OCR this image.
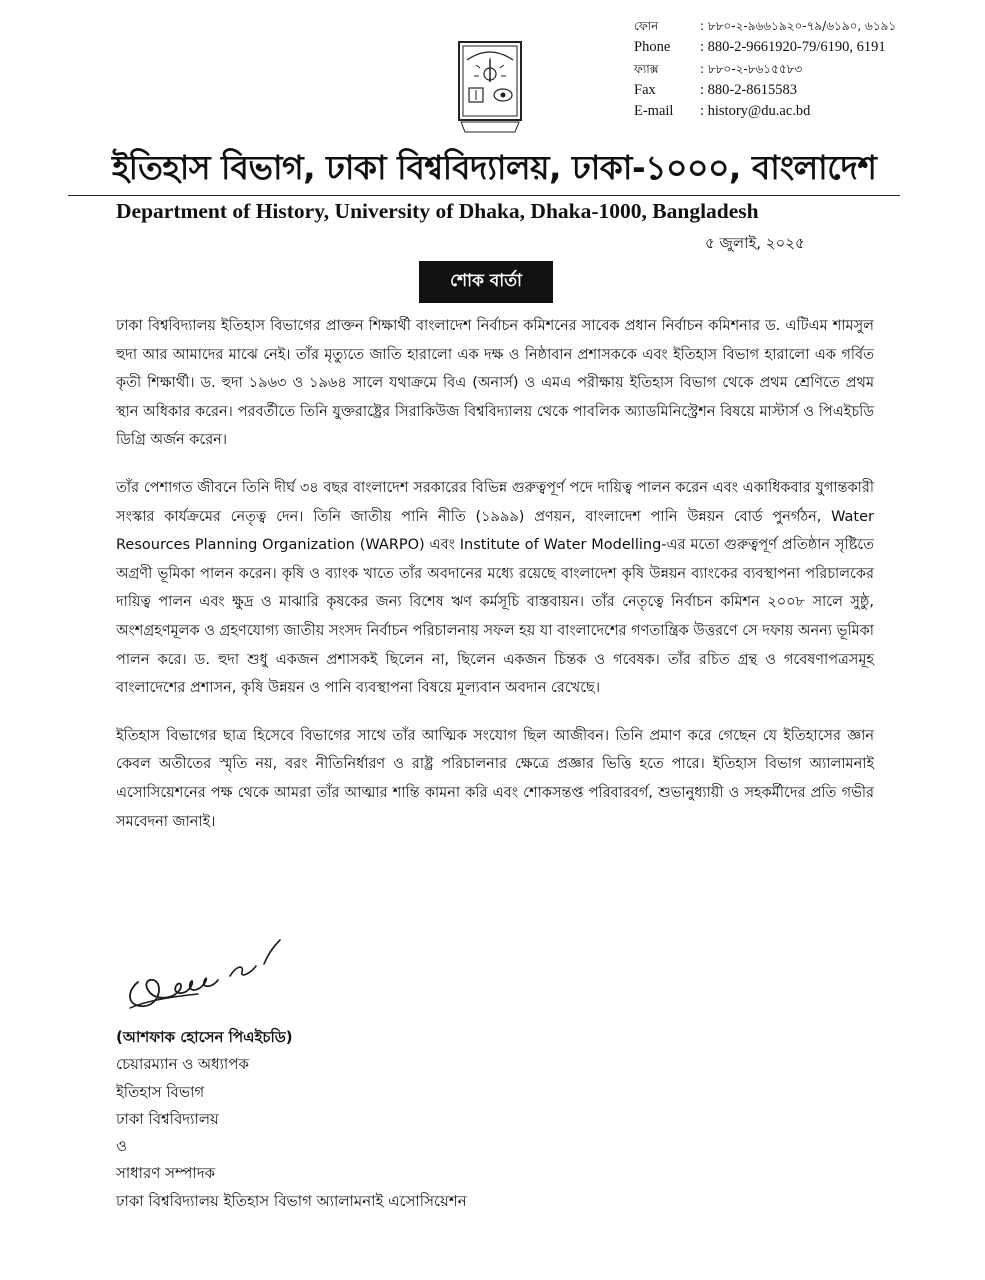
ফোন	: ৮৮০-২-৯৬৬১৯২০-৭৯/৬১৯০, ৬১৯১
Phone	: 880-2-9661920-79/6190, 6191
ফ্যাক্স	: ৮৮০-২-৮৬১৫৫৮৩
Fax	: 880-2-8615583
E-mail	: history@du.ac.bd
ইতিহাস বিভাগ, ঢাকা বিশ্ববিদ্যালয়, ঢাকা-১০০০, বাংলাদেশ
Department of History, University of Dhaka, Dhaka-1000, Bangladesh
৫ জুলাই, ২০২৫
শোক বার্তা

ঢাকা বিশ্ববিদ্যালয় ইতিহাস বিভাগের প্রাক্তন শিক্ষার্থী বাংলাদেশ নির্বাচন কমিশনের সাবেক প্রধান নির্বাচন কমিশনার ড. এটিএম শামসুল হুদা আর আমাদের মাঝে নেই। তাঁর মৃত্যুতে জাতি হারালো এক দক্ষ ও নিষ্ঠাবান প্রশাসককে এবং ইতিহাস বিভাগ হারালো এক গর্বিত কৃতী শিক্ষার্থী। ড. হুদা ১৯৬৩ ও ১৯৬৪ সালে যথাক্রমে বিএ (অনার্স) ও এমএ পরীক্ষায় ইতিহাস বিভাগ থেকে প্রথম শ্রেণিতে প্রথম স্থান অধিকার করেন। পরবর্তীতে তিনি যুক্তরাষ্ট্রের সিরাকিউজ বিশ্ববিদ্যালয় থেকে পাবলিক অ্যাডমিনিস্ট্রেশন বিষয়ে মাস্টার্স ও পিএইচডি ডিগ্রি অর্জন করেন।

তাঁর পেশাগত জীবনে তিনি দীর্ঘ ৩৪ বছর বাংলাদেশ সরকারের বিভিন্ন গুরুত্বপূর্ণ পদে দায়িত্ব পালন করেন এবং একাধিকবার যুগান্তকারী সংস্কার কার্যক্রমের নেতৃত্ব দেন। তিনি জাতীয় পানি নীতি (১৯৯৯) প্রণয়ন, বাংলাদেশ পানি উন্নয়ন বোর্ড পুনর্গঠন, Water Resources Planning Organization (WARPO) এবং Institute of Water Modelling-এর মতো গুরুত্বপূর্ণ প্রতিষ্ঠান সৃষ্টিতে অগ্রণী ভূমিকা পালন করেন। কৃষি ও ব্যাংক খাতে তাঁর অবদানের মধ্যে রয়েছে বাংলাদেশ কৃষি উন্নয়ন ব্যাংকের ব্যবস্থাপনা পরিচালকের দায়িত্ব পালন এবং ক্ষুদ্র ও মাঝারি কৃষকের জন্য বিশেষ ঋণ কর্মসূচি বাস্তবায়ন। তাঁর নেতৃত্বে নির্বাচন কমিশন ২০০৮ সালে সুষ্ঠু, অংশগ্রহণমূলক ও গ্রহণযোগ্য জাতীয় সংসদ নির্বাচন পরিচালনায় সফল হয় যা বাংলাদেশের গণতান্ত্রিক উত্তরণে সে দফায় অনন্য ভূমিকা পালন করে। ড. হুদা শুধু একজন প্রশাসকই ছিলেন না, ছিলেন একজন চিন্তক ও গবেষক। তাঁর রচিত গ্রন্থ ও গবেষণাপত্রসমূহ বাংলাদেশের প্রশাসন, কৃষি উন্নয়ন ও পানি ব্যবস্থাপনা বিষয়ে মূল্যবান অবদান রেখেছে।

ইতিহাস বিভাগের ছাত্র হিসেবে বিভাগের সাথে তাঁর আত্মিক সংযোগ ছিল আজীবন। তিনি প্রমাণ করে গেছেন যে ইতিহাসের জ্ঞান কেবল অতীতের স্মৃতি নয়, বরং নীতিনির্ধারণ ও রাষ্ট্র পরিচালনার ক্ষেত্রে প্রজ্ঞার ভিত্তি হতে পারে। ইতিহাস বিভাগ অ্যালামনাই এসোসিয়েশনের পক্ষ থেকে আমরা তাঁর আত্মার শান্তি কামনা করি এবং শোকসন্তপ্ত পরিবারবর্গ, শুভানুধ্যায়ী ও সহকর্মীদের প্রতি গভীর সমবেদনা জানাই।

(আশফাক হোসেন পিএইচডি)
চেয়ারম্যান ও অধ্যাপক
ইতিহাস বিভাগ
ঢাকা বিশ্ববিদ্যালয়
ও
সাধারণ সম্পাদক
ঢাকা বিশ্ববিদ্যালয় ইতিহাস বিভাগ অ্যালামনাই এসোসিয়েশন
